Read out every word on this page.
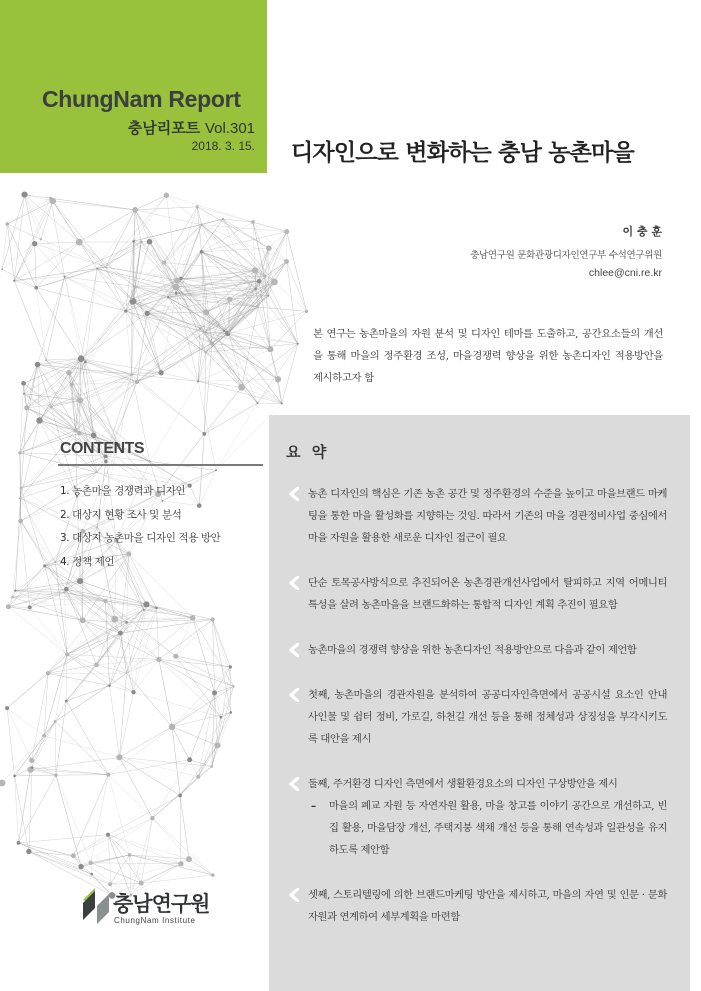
ChungNam Report
충남리포트 Vol.301
2018. 3. 15. 디자인으로 변화하는 충남 농촌마을
이 충 훈
충남연구원 문화관광디자인연구부 수석연구위원
chlee@cni.re.kr
본 연구는 농촌마을의 자원 분석 및 디자인 테마를 도출하고, 공간요소들의 개선을 통해 마을의 정주환경 조성, 마을경쟁력 향상을 위한 농촌디자인 적용방안을 제시하고자 함
CONTENTS
1. 농촌마을 경쟁력과 디자인
2. 대상지 현황 조사 및 분석
3. 대상지 농촌마을 디자인 적용 방안
4. 정책 제언
요 약
농촌 디자인의 핵심은 기존 농촌 공간 및 정주환경의 수준을 높이고 마을브랜드 마케팅을 통한 마을 활성화를 지향하는 것임. 따라서 기존의 마을 경관정비사업 중심에서 마을 자원을 활용한 새로운 디자인 접근이 필요
단순 토목공사방식으로 추진되어온 농촌경관개선사업에서 탈피하고 지역 어메니티 특성을 살려 농촌마을을 브랜드화하는 통합적 디자인 계획 추진이 필요함
농촌마을의 경쟁력 향상을 위한 농촌디자인 적용방안으로 다음과 같이 제언함
첫째, 농촌마을의 경관자원을 분석하여 공공디자인측면에서 공공시설 요소인 안내 사인물 및 쉼터 정비, 가로길, 하천길 개선 등을 통해 정체성과 상징성을 부각시키도록 대안을 제시
둘째, 주거환경 디자인 측면에서 생활환경요소의 디자인 구상방안을 제시
– 마을의 폐교 자원 등 자연자원 활용, 마을 창고를 이야기 공간으로 개선하고, 빈집 활용, 마을담장 개선, 주택지붕 색채 개선 등을 통해 연속성과 일관성을 유지하도록 제안함
셋째, 스토리텔링에 의한 브랜드마케팅 방안을 제시하고, 마을의 자연 및 인문 · 문화자원과 연계하여 세부계획을 마련함
충남연구원
ChungNam Institute
